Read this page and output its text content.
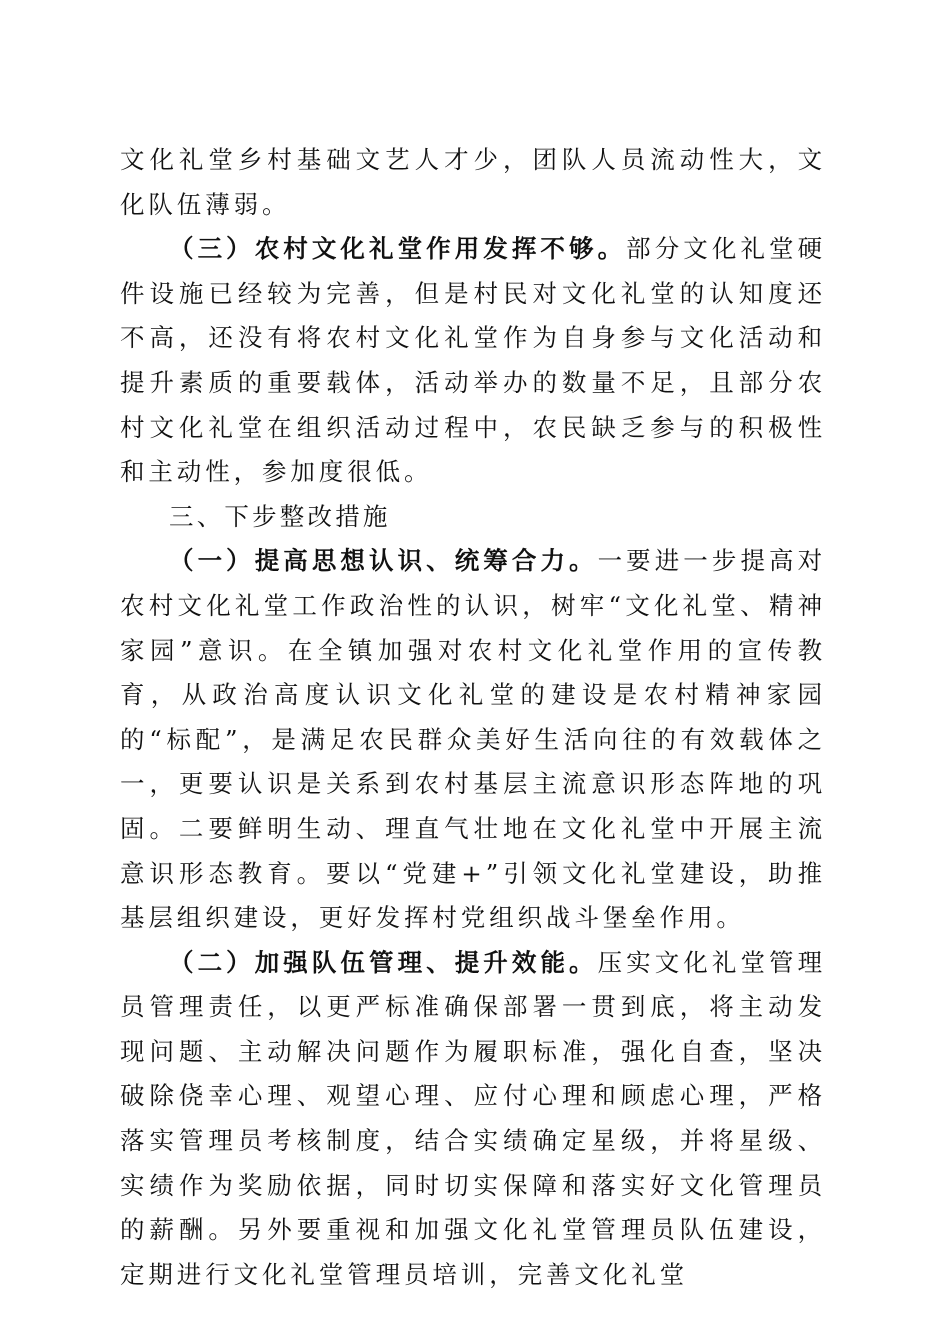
文化礼堂乡村基础文艺人才少，团队人员流动性大，文化队伍薄弱。

（三）农村文化礼堂作用发挥不够。部分文化礼堂硬件设施已经较为完善，但是村民对文化礼堂的认知度还不高，还没有将农村文化礼堂作为自身参与文化活动和提升素质的重要载体，活动举办的数量不足，且部分农村文化礼堂在组织活动过程中，农民缺乏参与的积极性和主动性，参加度很低。

三、下步整改措施

（一）提高思想认识、统筹合力。一要进一步提高对农村文化礼堂工作政治性的认识，树牢“文化礼堂、精神家园”意识。在全镇加强对农村文化礼堂作用的宣传教育，从政治高度认识文化礼堂的建设是农村精神家园的“标配”，是满足农民群众美好生活向往的有效载体之一，更要认识是关系到农村基层主流意识形态阵地的巩固。二要鲜明生动、理直气壮地在文化礼堂中开展主流意识形态教育。要以“党建+”引领文化礼堂建设，助推基层组织建设，更好发挥村党组织战斗堡垒作用。

（二）加强队伍管理、提升效能。压实文化礼堂管理员管理责任，以更严标准确保部署一贯到底，将主动发现问题、主动解决问题作为履职标准，强化自查，坚决破除侥幸心理、观望心理、应付心理和顾虑心理，严格落实管理员考核制度，结合实绩确定星级，并将星级、实绩作为奖励依据，同时切实保障和落实好文化管理员的薪酬。另外要重视和加强文化礼堂管理员队伍建设，定期进行文化礼堂管理员培训，完善文化礼堂
